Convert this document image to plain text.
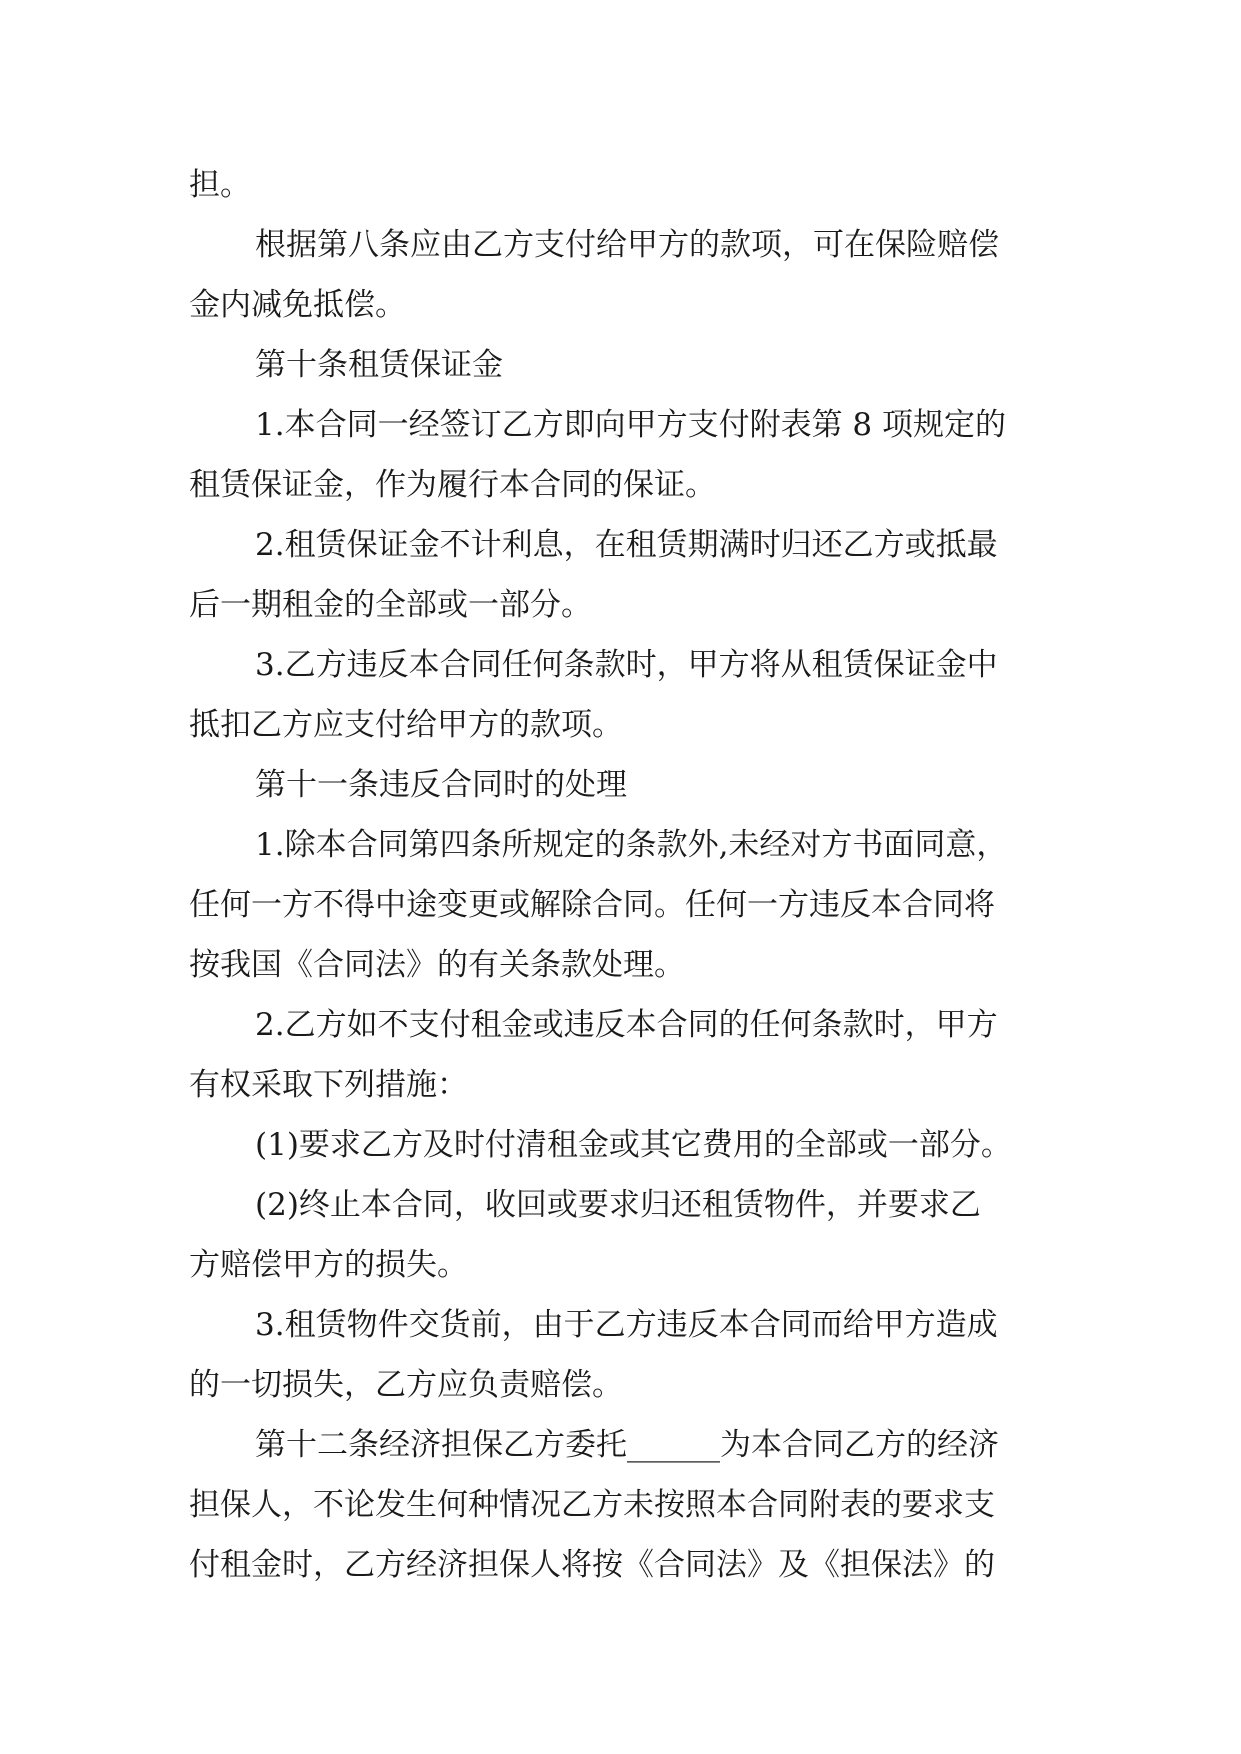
担。
根据第八条应由乙方支付给甲方的款项，可在保险赔偿
金内减免抵偿。
第十条租赁保证金
1.本合同一经签订乙方即向甲方支付附表第 8 项规定的
租赁保证金，作为履行本合同的保证。
2.租赁保证金不计利息，在租赁期满时归还乙方或抵最
后一期租金的全部或一部分。
3.乙方违反本合同任何条款时，甲方将从租赁保证金中
抵扣乙方应支付给甲方的款项。
第十一条违反合同时的处理
1.除本合同第四条所规定的条款外,未经对方书面同意，
任何一方不得中途变更或解除合同。任何一方违反本合同将
按我国《合同法》的有关条款处理。
2.乙方如不支付租金或违反本合同的任何条款时，甲方
有权采取下列措施：
(1)要求乙方及时付清租金或其它费用的全部或一部分。
(2)终止本合同，收回或要求归还租赁物件，并要求乙
方赔偿甲方的损失。
3.租赁物件交货前，由于乙方违反本合同而给甲方造成
的一切损失，乙方应负责赔偿。
第十二条经济担保乙方委托______为本合同乙方的经济
担保人，不论发生何种情况乙方未按照本合同附表的要求支
付租金时，乙方经济担保人将按《合同法》及《担保法》的
